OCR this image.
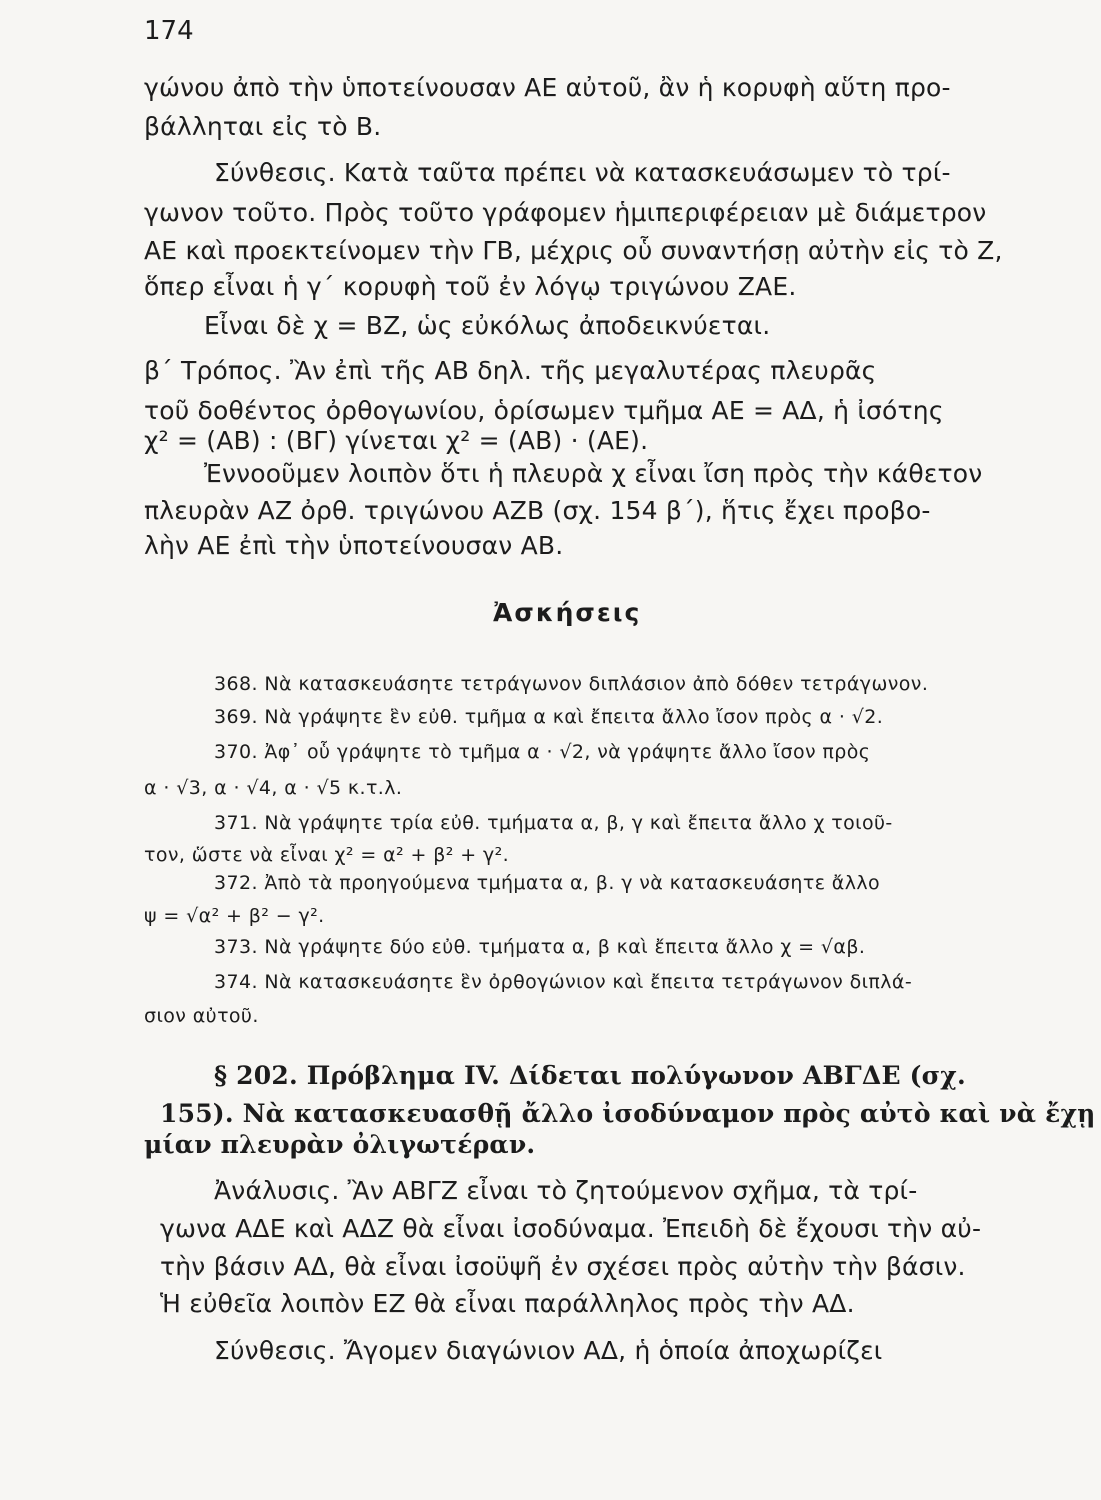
174
γώνου ἀπὸ τὴν ὑποτείνουσαν ΑΕ αὐτοῦ, ἂν ἡ κορυφὴ αὕτη προ-
βάλληται εἰς τὸ Β.
Σύνθεσις. Κατὰ ταῦτα πρέπει νὰ κατασκευάσωμεν τὸ τρί-
γωνον τοῦτο. Πρὸς τοῦτο γράφομεν ἡμιπεριφέρειαν μὲ διάμετρον
ΑΕ καὶ προεκτείνομεν τὴν ΓΒ, μέχρις οὗ συναντήσῃ αὐτὴν εἰς τὸ Ζ,
ὅπερ εἶναι ἡ γ΄ κορυφὴ τοῦ ἐν λόγῳ τριγώνου ΖΑΕ.
Εἶναι δὲ χ = ΒΖ, ὡς εὐκόλως ἀποδεικνύεται.
β΄ Τρόπος. Ἂν ἐπὶ τῆς ΑΒ δηλ. τῆς μεγαλυτέρας πλευρᾶς
τοῦ δοθέντος ὀρθογωνίου, ὁρίσωμεν τμῆμα ΑΕ = ΑΔ, ἡ ἰσότης
χ² = (ΑΒ) : (ΒΓ) γίνεται χ² = (ΑΒ) · (ΑΕ).
Ἐννοοῦμεν λοιπὸν ὅτι ἡ πλευρὰ χ εἶναι ἴση πρὸς τὴν κάθετον
πλευρὰν ΑΖ ὀρθ. τριγώνου ΑΖΒ (σχ. 154 β΄), ἥτις ἔχει προβο-
λὴν ΑΕ ἐπὶ τὴν ὑποτείνουσαν ΑΒ.
Ἀσκήσεις
368. Νὰ κατασκευάσητε τετράγωνον διπλάσιον ἀπὸ δόθεν τετράγωνον.
369. Νὰ γράψητε ἓν εὐθ. τμῆμα α καὶ ἔπειτα ἄλλο ἴσον πρὸς α · √2.
370. Ἀφ᾿ οὗ γράψητε τὸ τμῆμα α · √2, νὰ γράψητε ἄλλο ἴσον πρὸς
α · √3, α · √4, α · √5 κ.τ.λ.
371. Νὰ γράψητε τρία εὐθ. τμήματα α, β, γ καὶ ἔπειτα ἄλλο χ τοιοῦ-
τον, ὥστε νὰ εἶναι χ² = α² + β² + γ².
372. Ἀπὸ τὰ προηγούμενα τμήματα α, β. γ νὰ κατασκευάσητε ἄλλο
ψ = √α² + β² − γ².
373. Νὰ γράψητε δύο εὐθ. τμήματα α, β καὶ ἔπειτα ἄλλο χ = √αβ.
374. Νὰ κατασκευάσητε ἓν ὀρθογώνιον καὶ ἔπειτα τετράγωνον διπλά-
σιον αὐτοῦ.
§ 202. Πρόβλημα IV. Δίδεται πολύγωνον ΑΒΓΔΕ (σχ.
155). Νὰ κατασκευασθῇ ἄλλο ἰσοδύναμον πρὸς αὐτὸ καὶ νὰ ἔχῃ
μίαν πλευρὰν ὀλιγωτέραν.
Ἀνάλυσις. Ἂν ΑΒΓΖ εἶναι τὸ ζητούμενον σχῆμα, τὰ τρί-
γωνα ΑΔΕ καὶ ΑΔΖ θὰ εἶναι ἰσοδύναμα. Ἐπειδὴ δὲ ἔχουσι τὴν αὐ-
τὴν βάσιν ΑΔ, θὰ εἶναι ἰσοϋψῆ ἐν σχέσει πρὸς αὐτὴν τὴν βάσιν.
Ἡ εὐθεῖα λοιπὸν ΕΖ θὰ εἶναι παράλληλος πρὸς τὴν ΑΔ.
Σύνθεσις. Ἄγομεν διαγώνιον ΑΔ, ἡ ὁποία ἀποχωρίζει
